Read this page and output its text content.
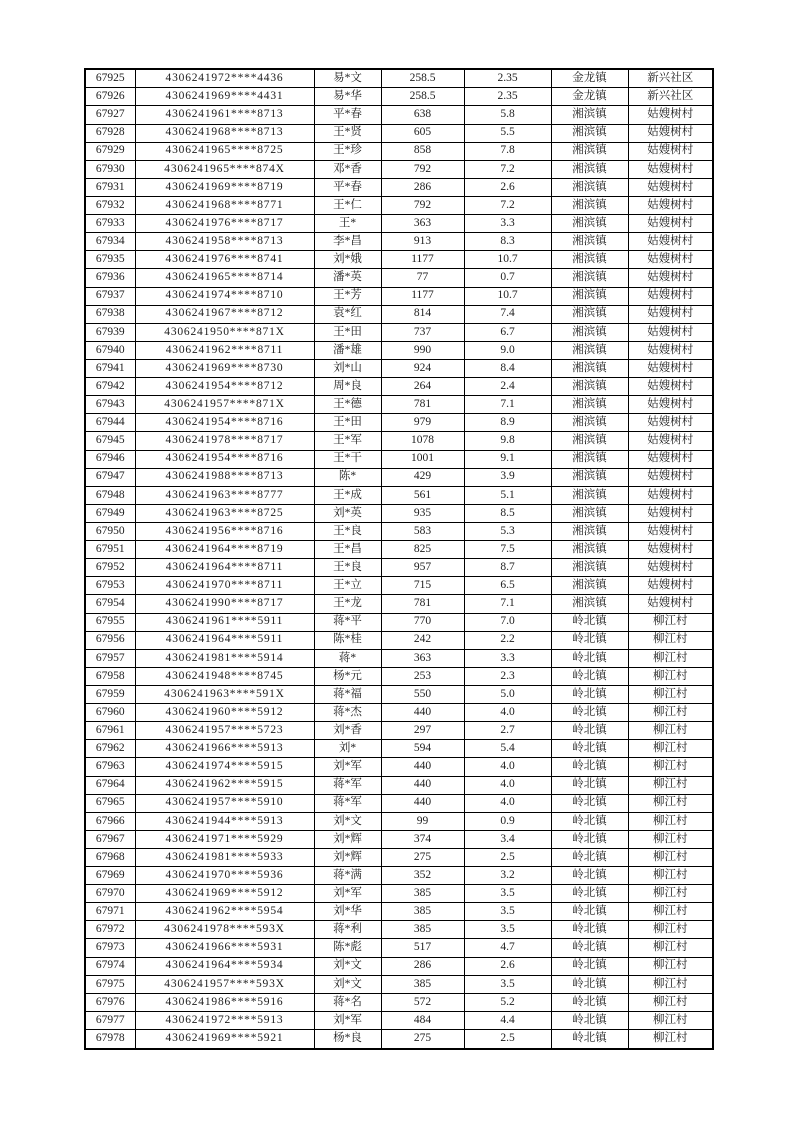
67925	4306241972****4436	易*文	258.5	2.35	金龙镇	新兴社区
67926	4306241969****4431	易*华	258.5	2.35	金龙镇	新兴社区
67927	4306241961****8713	平*春	638	5.8	湘滨镇	姑嫂树村
67928	4306241968****8713	王*贤	605	5.5	湘滨镇	姑嫂树村
67929	4306241965****8725	王*珍	858	7.8	湘滨镇	姑嫂树村
67930	4306241965****874X	邓*香	792	7.2	湘滨镇	姑嫂树村
67931	4306241969****8719	平*春	286	2.6	湘滨镇	姑嫂树村
67932	4306241968****8771	王*仁	792	7.2	湘滨镇	姑嫂树村
67933	4306241976****8717	王*	363	3.3	湘滨镇	姑嫂树村
67934	4306241958****8713	李*昌	913	8.3	湘滨镇	姑嫂树村
67935	4306241976****8741	刘*娥	1177	10.7	湘滨镇	姑嫂树村
67936	4306241965****8714	潘*英	77	0.7	湘滨镇	姑嫂树村
67937	4306241974****8710	王*芳	1177	10.7	湘滨镇	姑嫂树村
67938	4306241967****8712	袁*红	814	7.4	湘滨镇	姑嫂树村
67939	4306241950****871X	王*田	737	6.7	湘滨镇	姑嫂树村
67940	4306241962****8711	潘*雄	990	9.0	湘滨镇	姑嫂树村
67941	4306241969****8730	刘*山	924	8.4	湘滨镇	姑嫂树村
67942	4306241954****8712	周*良	264	2.4	湘滨镇	姑嫂树村
67943	4306241957****871X	王*德	781	7.1	湘滨镇	姑嫂树村
67944	4306241954****8716	王*田	979	8.9	湘滨镇	姑嫂树村
67945	4306241978****8717	王*军	1078	9.8	湘滨镇	姑嫂树村
67946	4306241954****8716	王*干	1001	9.1	湘滨镇	姑嫂树村
67947	4306241988****8713	陈*	429	3.9	湘滨镇	姑嫂树村
67948	4306241963****8777	王*成	561	5.1	湘滨镇	姑嫂树村
67949	4306241963****8725	刘*英	935	8.5	湘滨镇	姑嫂树村
67950	4306241956****8716	王*良	583	5.3	湘滨镇	姑嫂树村
67951	4306241964****8719	王*昌	825	7.5	湘滨镇	姑嫂树村
67952	4306241964****8711	王*良	957	8.7	湘滨镇	姑嫂树村
67953	4306241970****8711	王*立	715	6.5	湘滨镇	姑嫂树村
67954	4306241990****8717	王*龙	781	7.1	湘滨镇	姑嫂树村
67955	4306241961****5911	蒋*平	770	7.0	岭北镇	柳江村
67956	4306241964****5911	陈*桂	242	2.2	岭北镇	柳江村
67957	4306241981****5914	蒋*	363	3.3	岭北镇	柳江村
67958	4306241948****8745	杨*元	253	2.3	岭北镇	柳江村
67959	4306241963****591X	蒋*福	550	5.0	岭北镇	柳江村
67960	4306241960****5912	蒋*杰	440	4.0	岭北镇	柳江村
67961	4306241957****5723	刘*香	297	2.7	岭北镇	柳江村
67962	4306241966****5913	刘*	594	5.4	岭北镇	柳江村
67963	4306241974****5915	刘*军	440	4.0	岭北镇	柳江村
67964	4306241962****5915	蒋*军	440	4.0	岭北镇	柳江村
67965	4306241957****5910	蒋*军	440	4.0	岭北镇	柳江村
67966	4306241944****5913	刘*文	99	0.9	岭北镇	柳江村
67967	4306241971****5929	刘*辉	374	3.4	岭北镇	柳江村
67968	4306241981****5933	刘*辉	275	2.5	岭北镇	柳江村
67969	4306241970****5936	蒋*满	352	3.2	岭北镇	柳江村
67970	4306241969****5912	刘*军	385	3.5	岭北镇	柳江村
67971	4306241962****5954	刘*华	385	3.5	岭北镇	柳江村
67972	4306241978****593X	蒋*利	385	3.5	岭北镇	柳江村
67973	4306241966****5931	陈*彪	517	4.7	岭北镇	柳江村
67974	4306241964****5934	刘*文	286	2.6	岭北镇	柳江村
67975	4306241957****593X	刘*文	385	3.5	岭北镇	柳江村
67976	4306241986****5916	蒋*名	572	5.2	岭北镇	柳江村
67977	4306241972****5913	刘*军	484	4.4	岭北镇	柳江村
67978	4306241969****5921	杨*良	275	2.5	岭北镇	柳江村
